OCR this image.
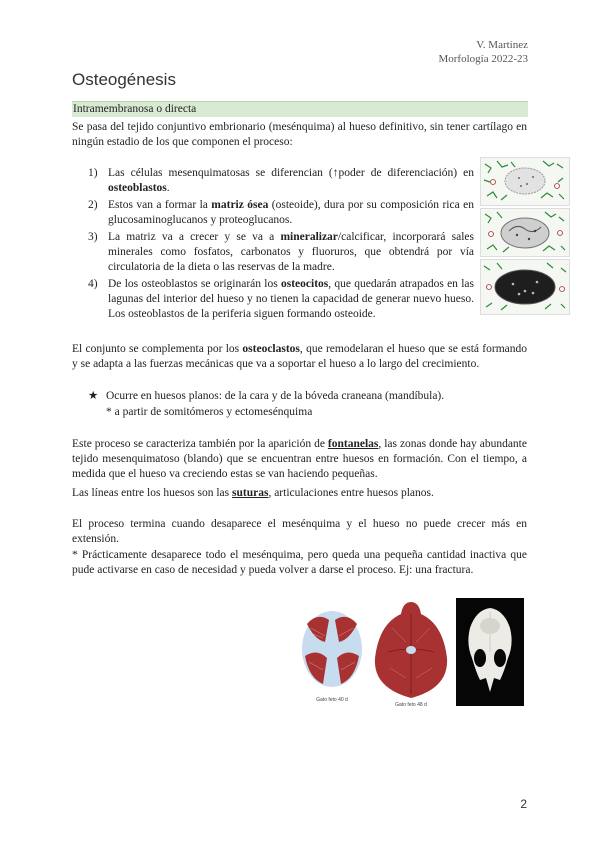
V. Martínez
Morfología 2022-23
Osteogénesis
Intramembranosa o directa
Se pasa del tejido conjuntivo embrionario (mesénquima) al hueso definitivo, sin tener cartílago en ningún estadio de los que componen el proceso:
1) Las células mesenquimatosas se diferencian (↑poder de diferenciación) en osteoblastos.
2) Estos van a formar la matriz ósea (osteoide), dura por su composición rica en glucosaminoglucanos y proteoglucanos.
3) La matriz va a crecer y se va a mineralizar/calcificar, incorporará sales minerales como fosfatos, carbonatos y fluoruros, que obtendrá por vía circulatoria de la dieta o las reservas de la madre.
4) De los osteoblastos se originarán los osteocitos, que quedarán atrapados en las lagunas del interior del hueso y no tienen la capacidad de generar nuevo hueso. Los osteoblastos de la periferia siguen formando osteoide.
El conjunto se complementa por los osteoclastos, que remodelaran el hueso que se está formando y se adapta a las fuerzas mecánicas que va a soportar el hueso a lo largo del crecimiento.
★ Ocurre en huesos planos: de la cara y de la bóveda craneana (mandíbula).
* a partir de somitómeros y ectomesénquima
Este proceso se caracteriza también por la aparición de fontanelas, las zonas donde hay abundante tejido mesenquimatoso (blando) que se encuentran entre huesos en formación. Con el tiempo, a medida que el hueso va creciendo estas se van haciendo pequeñas.
Las líneas entre los huesos son las suturas, articulaciones entre huesos planos.
El proceso termina cuando desaparece el mesénquima y el hueso no puede crecer más en extensión.
* Prácticamente desaparece todo el mesénquima, pero queda una pequeña cantidad inactiva que pude activarse en caso de necesidad y pueda volver a darse el proceso. Ej: una fractura.
Gato feto 40 d
Gato feto 48 d
2
